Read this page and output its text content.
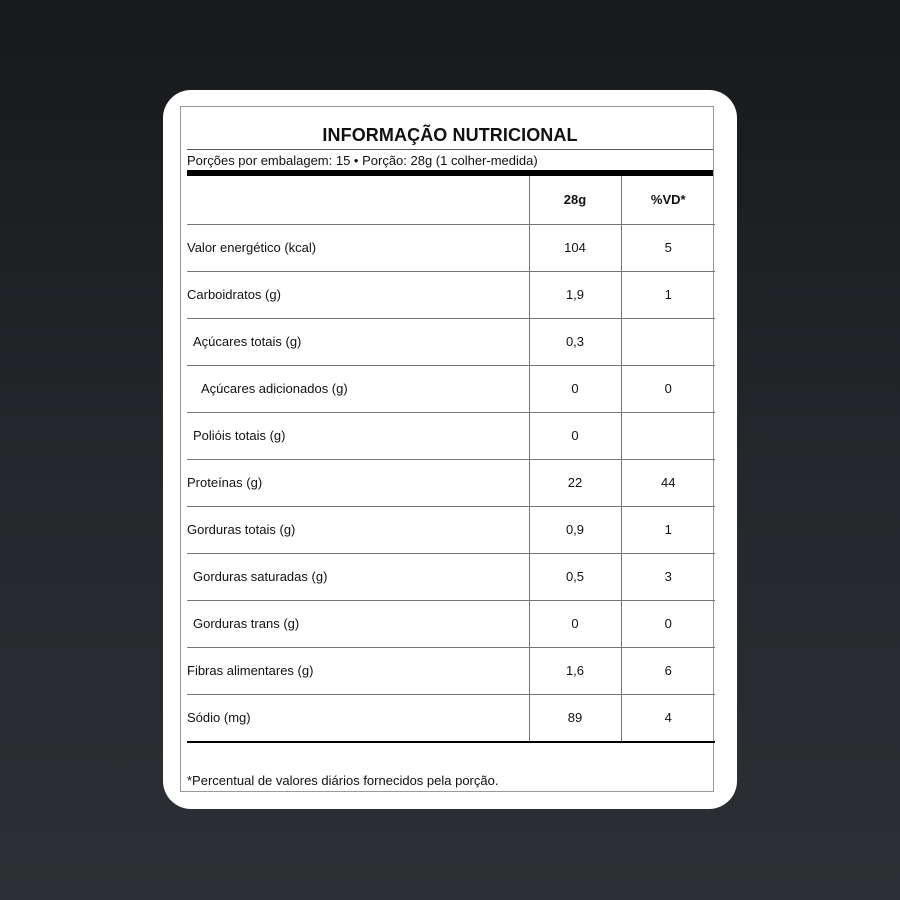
INFORMAÇÃO NUTRICIONAL
Porções por embalagem: 15 • Porção: 28g (1 colher-medida)
	28g	%VD*
Valor energético (kcal)	104	5
Carboidratos (g)	1,9	1
Açúcares totais (g)	0,3	
Açúcares adicionados (g)	0	0
Polióis totais (g)	0	
Proteínas (g)	22	44
Gorduras totais (g)	0,9	1
Gorduras saturadas (g)	0,5	3
Gorduras trans (g)	0	0
Fibras alimentares (g)	1,6	6
Sódio (mg)	89	4
*Percentual de valores diários fornecidos pela porção.
